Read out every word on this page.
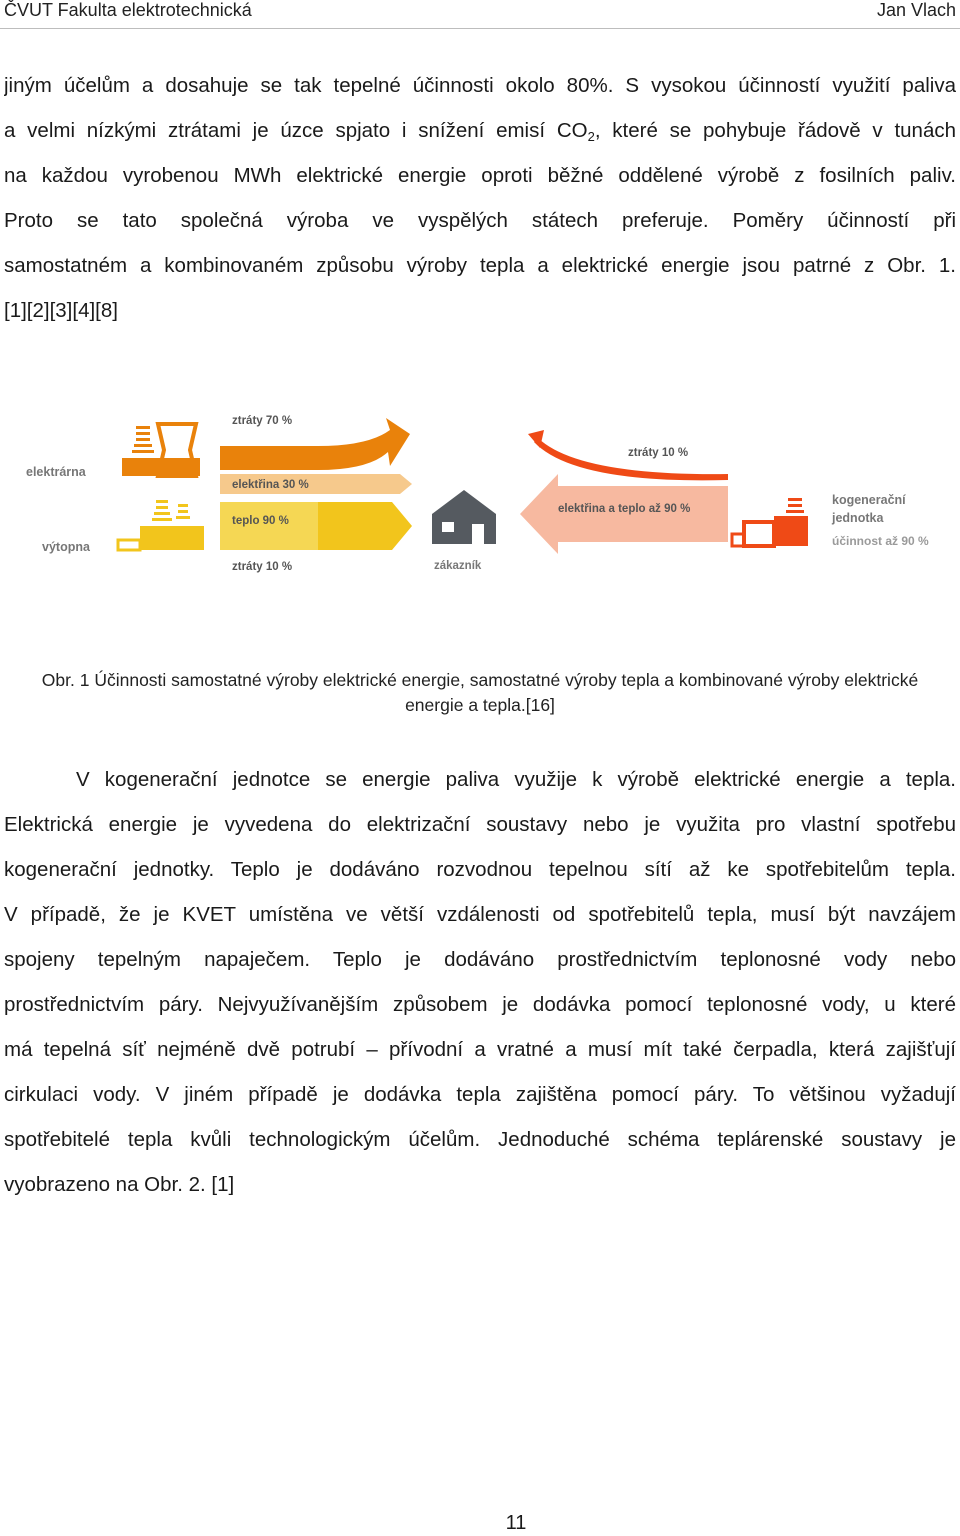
ČVUT Fakulta elektrotechnická	Jan Vlach
jiným účelům a dosahuje se tak tepelné účinnosti okolo 80%. S vysokou účinností využití paliva
a velmi nízkými ztrátami je úzce spjato i snížení emisí CO2, které se pohybuje řádově v tunách
na každou vyrobenou MWh elektrické energie oproti běžné oddělené výrobě z fosilních paliv.
Proto se tato společná výroba ve vyspělých státech preferuje. Poměry účinností při
samostatném a kombinovaném způsobu výroby tepla a elektrické energie jsou patrné z Obr. 1.
[1][2][3][4][8]
elektrárna
výtopna
ztráty 70 %
elektřina 30 %
teplo 90 %
ztráty 10 %	zákazník
ztráty 10 %
elektřina a teplo až 90 %
kogenerační
jednotka
účinnost až 90 %
Obr. 1 Účinnosti samostatné výroby elektrické energie, samostatné výroby tepla a kombinované výroby elektrické
energie a tepla.[16]
V kogenerační jednotce se energie paliva využije k výrobě elektrické energie a tepla.
Elektrická energie je vyvedena do elektrizační soustavy nebo je využita pro vlastní spotřebu
kogenerační jednotky. Teplo je dodáváno rozvodnou tepelnou sítí až ke spotřebitelům tepla.
V případě, že je KVET umístěna ve větší vzdálenosti od spotřebitelů tepla, musí být navzájem
spojeny tepelným napaječem. Teplo je dodáváno prostřednictvím teplonosné vody nebo
prostřednictvím páry. Nejvyužívanějším způsobem je dodávka pomocí teplonosné vody, u které
má tepelná síť nejméně dvě potrubí – přívodní a vratné a musí mít také čerpadla, která zajišťují
cirkulaci vody. V jiném případě je dodávka tepla zajištěna pomocí páry. To většinou vyžadují
spotřebitelé tepla kvůli technologickým účelům. Jednoduché schéma teplárenské soustavy je
vyobrazeno na Obr. 2. [1]
11
